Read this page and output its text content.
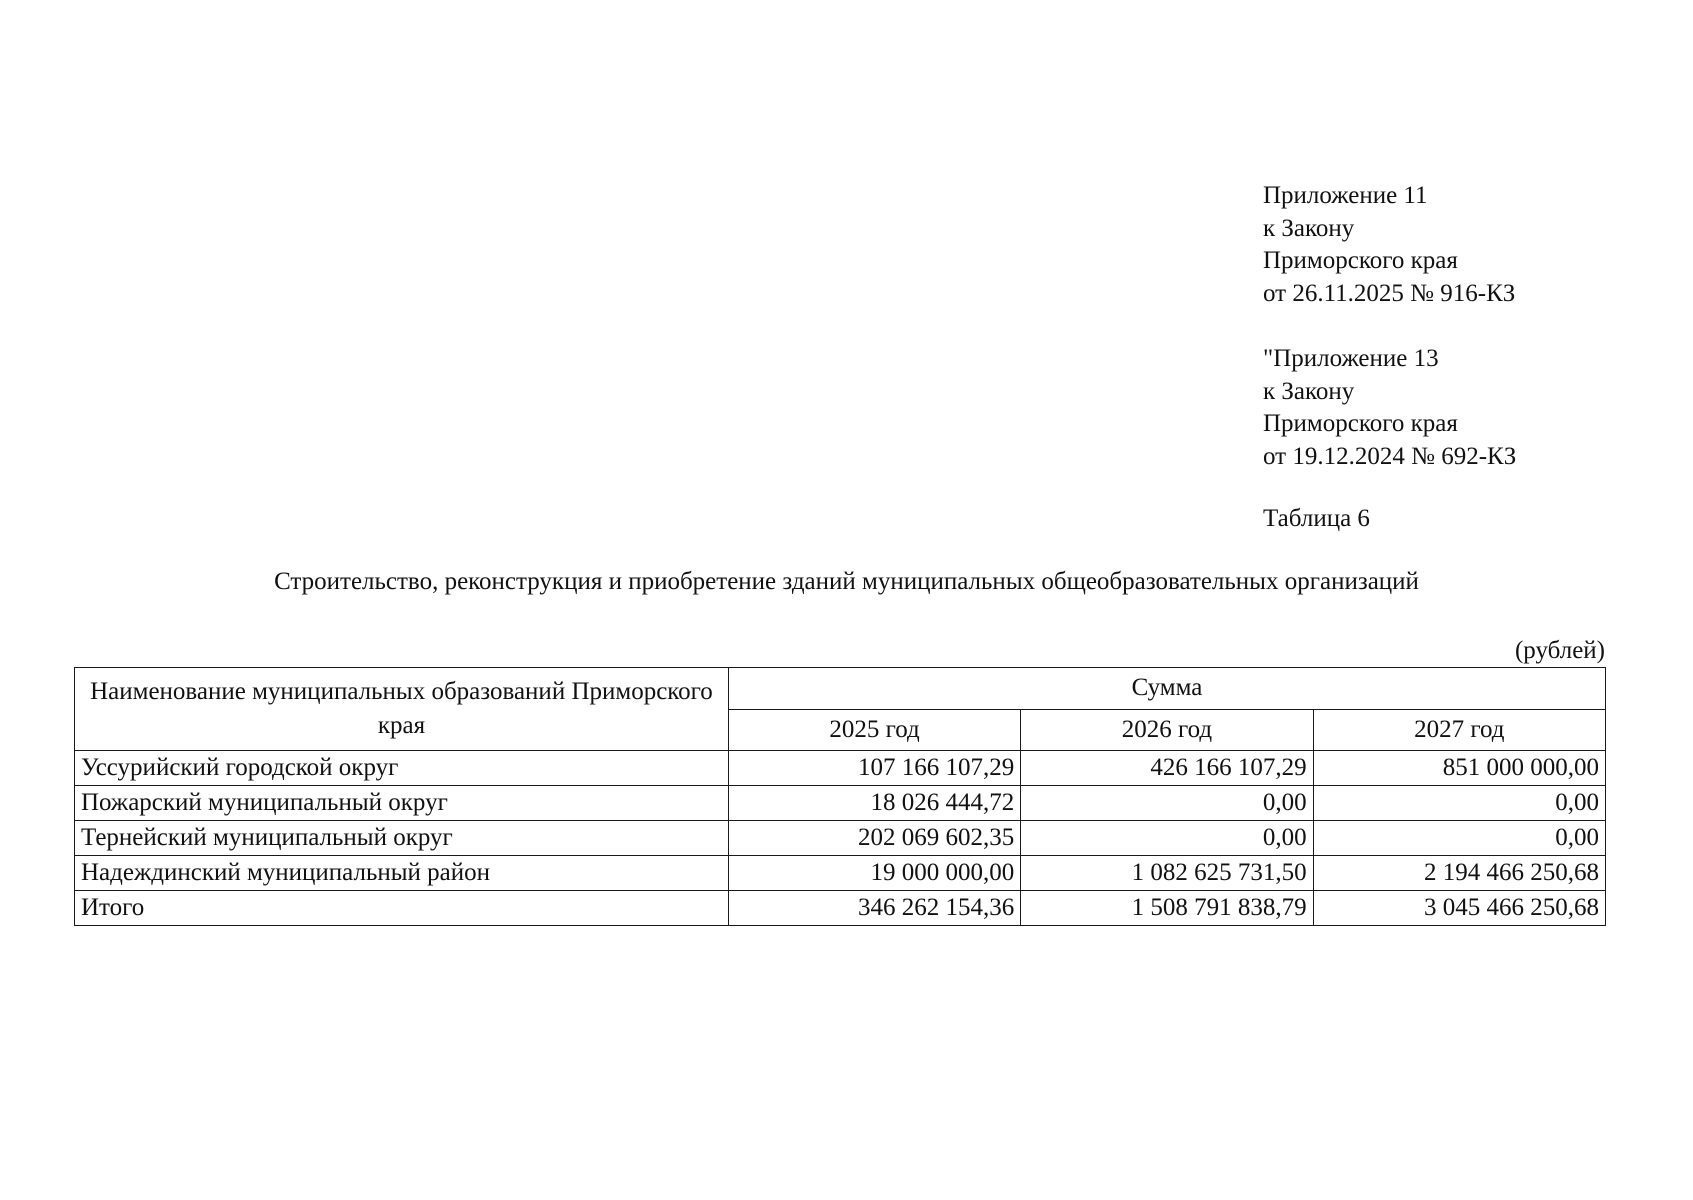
Приложение 11
к Закону
Приморского края
от 26.11.2025 № 916-КЗ
"Приложение 13
к Закону
Приморского края
от 19.12.2024 № 692-КЗ
Таблица 6
Строительство, реконструкция и приобретение зданий муниципальных общеобразовательных организаций
(рублей)
Наименование муниципальных образований Приморского края	Сумма		
	2025 год	2026 год	2027 год
Уссурийский городской округ	107 166 107,29	426 166 107,29	851 000 000,00
Пожарский муниципальный округ	18 026 444,72	0,00	0,00
Тернейский муниципальный округ	202 069 602,35	0,00	0,00
Надеждинский муниципальный район	19 000 000,00	1 082 625 731,50	2 194 466 250,68
Итого	346 262 154,36	1 508 791 838,79	3 045 466 250,68
